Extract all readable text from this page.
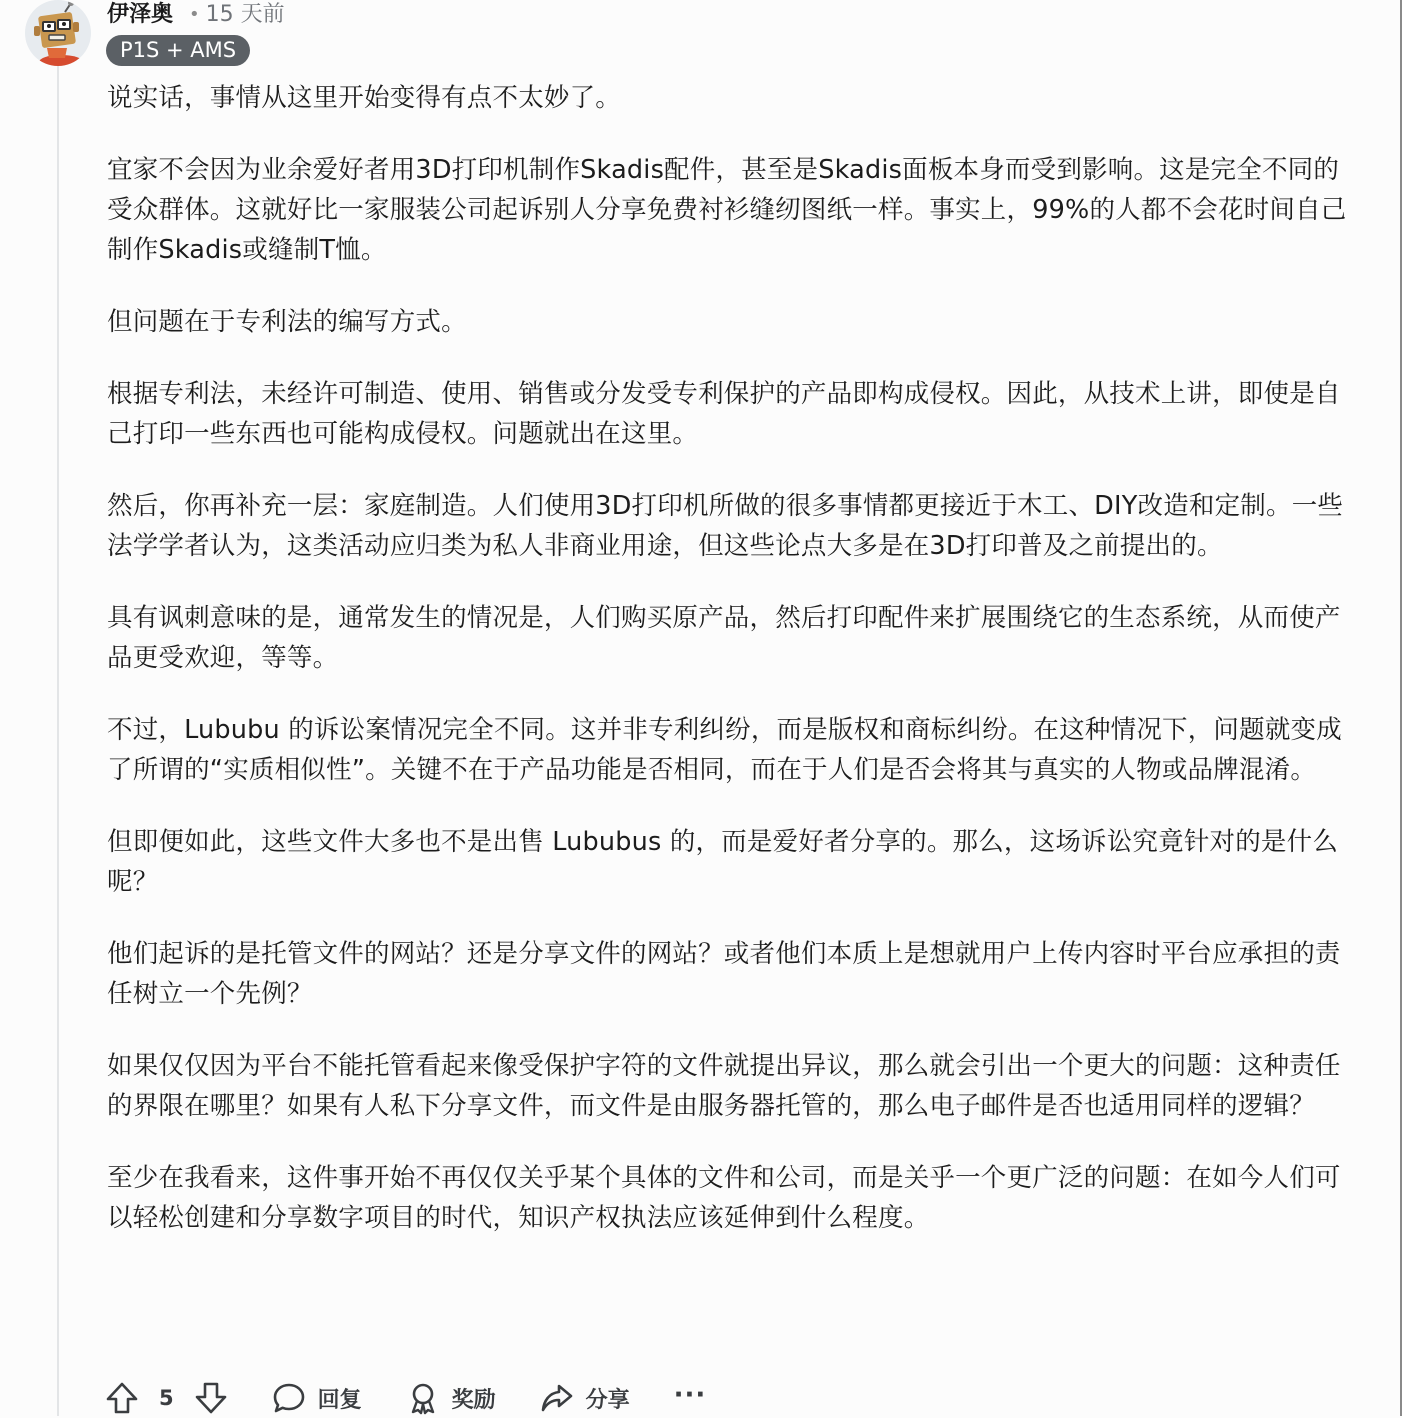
伊泽奥 • 15 天前
P1S + AMS

说实话，事情从这里开始变得有点不太妙了。

宜家不会因为业余爱好者用3D打印机制作Skadis配件，甚至是Skadis面板本身而受到影响。这是完全不同的受众群体。这就好比一家服装公司起诉别人分享免费衬衫缝纫图纸一样。事实上，99%的人都不会花时间自己制作Skadis或缝制T恤。

但问题在于专利法的编写方式。

根据专利法，未经许可制造、使用、销售或分发受专利保护的产品即构成侵权。因此，从技术上讲，即使是自己打印一些东西也可能构成侵权。问题就出在这里。

然后，你再补充一层：家庭制造。人们使用3D打印机所做的很多事情都更接近于木工、DIY改造和定制。一些法学学者认为，这类活动应归类为私人非商业用途，但这些论点大多是在3D打印普及之前提出的。

具有讽刺意味的是，通常发生的情况是，人们购买原产品，然后打印配件来扩展围绕它的生态系统，从而使产品更受欢迎，等等。

不过，Lububu 的诉讼案情况完全不同。这并非专利纠纷，而是版权和商标纠纷。在这种情况下，问题就变成了所谓的“实质相似性”。关键不在于产品功能是否相同，而在于人们是否会将其与真实的人物或品牌混淆。

但即便如此，这些文件大多也不是出售 Lububus 的，而是爱好者分享的。那么，这场诉讼究竟针对的是什么呢？

他们起诉的是托管文件的网站？还是分享文件的网站？或者他们本质上是想就用户上传内容时平台应承担的责任树立一个先例？

如果仅仅因为平台不能托管看起来像受保护字符的文件就提出异议，那么就会引出一个更大的问题：这种责任的界限在哪里？如果有人私下分享文件，而文件是由服务器托管的，那么电子邮件是否也适用同样的逻辑？

至少在我看来，这件事开始不再仅仅关乎某个具体的文件和公司，而是关乎一个更广泛的问题：在如今人们可以轻松创建和分享数字项目的时代，知识产权执法应该延伸到什么程度。

5	回复	奖励	分享 ···
